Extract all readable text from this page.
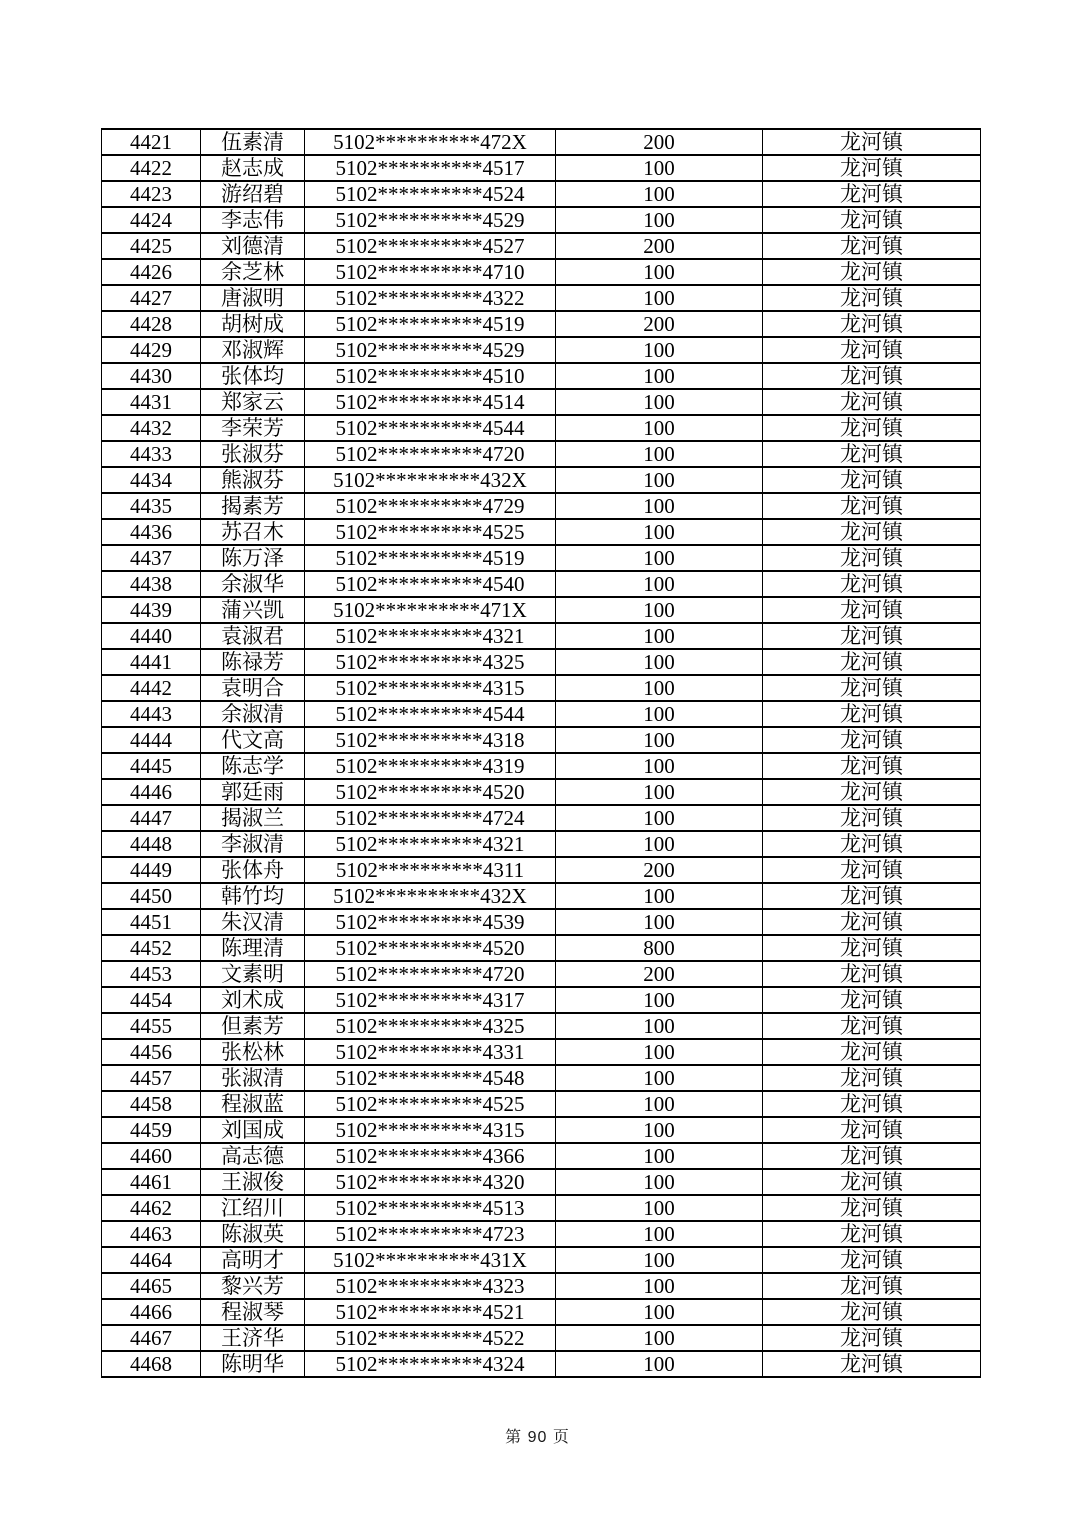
4421	伍素清	5102**********472X	200	龙河镇
4422	赵志成	5102**********4517	100	龙河镇
4423	游绍碧	5102**********4524	100	龙河镇
4424	李志伟	5102**********4529	100	龙河镇
4425	刘德清	5102**********4527	200	龙河镇
4426	余芝林	5102**********4710	100	龙河镇
4427	唐淑明	5102**********4322	100	龙河镇
4428	胡树成	5102**********4519	200	龙河镇
4429	邓淑辉	5102**********4529	100	龙河镇
4430	张体均	5102**********4510	100	龙河镇
4431	郑家云	5102**********4514	100	龙河镇
4432	李荣芳	5102**********4544	100	龙河镇
4433	张淑芬	5102**********4720	100	龙河镇
4434	熊淑芬	5102**********432X	100	龙河镇
4435	揭素芳	5102**********4729	100	龙河镇
4436	苏召木	5102**********4525	100	龙河镇
4437	陈万泽	5102**********4519	100	龙河镇
4438	余淑华	5102**********4540	100	龙河镇
4439	蒲兴凯	5102**********471X	100	龙河镇
4440	袁淑君	5102**********4321	100	龙河镇
4441	陈禄芳	5102**********4325	100	龙河镇
4442	袁明合	5102**********4315	100	龙河镇
4443	余淑清	5102**********4544	100	龙河镇
4444	代文高	5102**********4318	100	龙河镇
4445	陈志学	5102**********4319	100	龙河镇
4446	郭廷雨	5102**********4520	100	龙河镇
4447	揭淑兰	5102**********4724	100	龙河镇
4448	李淑清	5102**********4321	100	龙河镇
4449	张体舟	5102**********4311	200	龙河镇
4450	韩竹均	5102**********432X	100	龙河镇
4451	朱汉清	5102**********4539	100	龙河镇
4452	陈理清	5102**********4520	800	龙河镇
4453	文素明	5102**********4720	200	龙河镇
4454	刘术成	5102**********4317	100	龙河镇
4455	但素芳	5102**********4325	100	龙河镇
4456	张松林	5102**********4331	100	龙河镇
4457	张淑清	5102**********4548	100	龙河镇
4458	程淑蓝	5102**********4525	100	龙河镇
4459	刘国成	5102**********4315	100	龙河镇
4460	高志德	5102**********4366	100	龙河镇
4461	王淑俊	5102**********4320	100	龙河镇
4462	江绍川	5102**********4513	100	龙河镇
4463	陈淑英	5102**********4723	100	龙河镇
4464	高明才	5102**********431X	100	龙河镇
4465	黎兴芳	5102**********4323	100	龙河镇
4466	程淑琴	5102**********4521	100	龙河镇
4467	王济华	5102**********4522	100	龙河镇
4468	陈明华	5102**********4324	100	龙河镇
第 90 页
